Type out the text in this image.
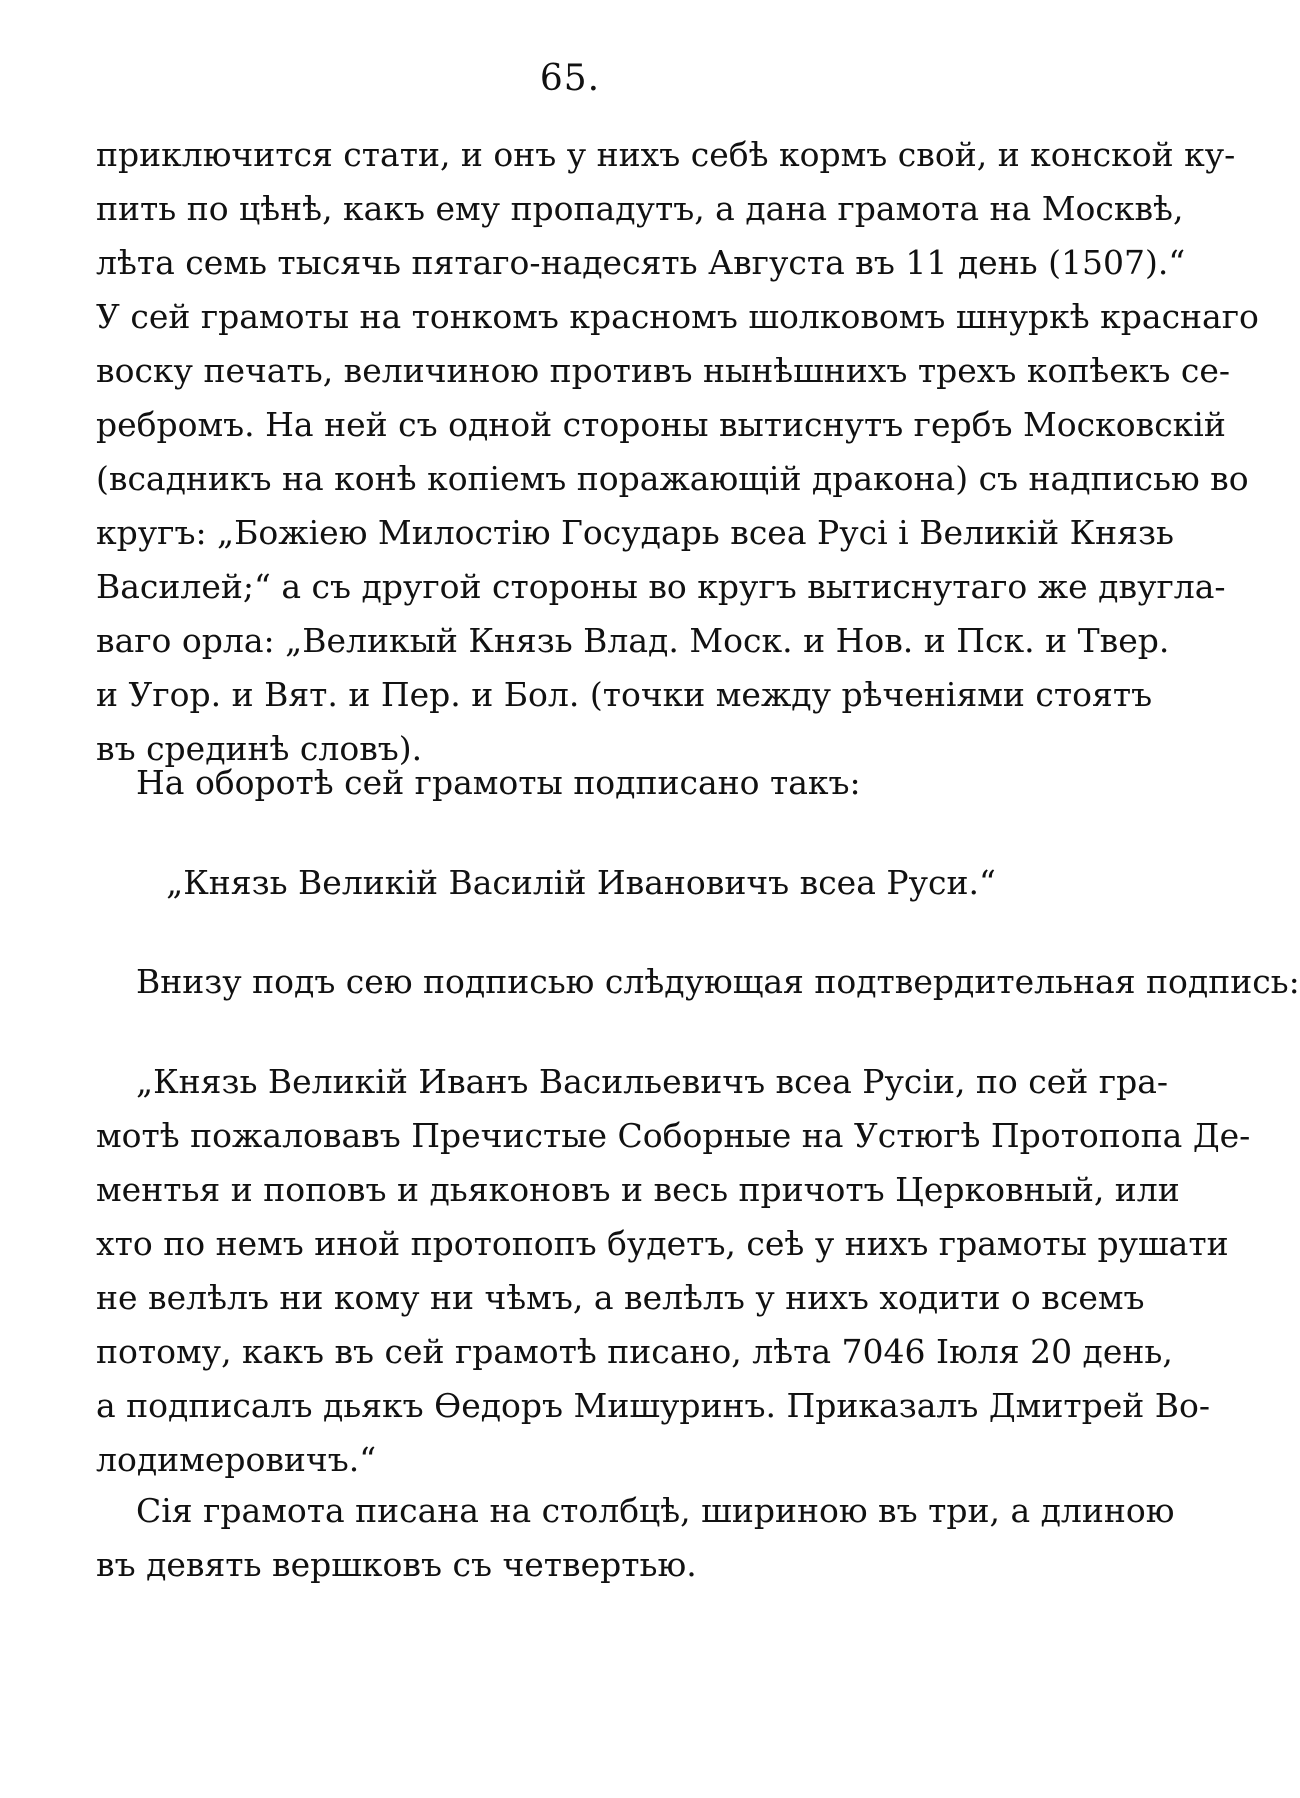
65.
приключится стати, и онъ у нихъ себѣ кормъ свой, и конской ку-
пить по цѣнѣ, какъ ему пропадутъ, а дана грамота на Москвѣ,
лѣта семь тысячь пятаго-надесять Августа въ 11 день (1507).“
У сей грамоты на тонкомъ красномъ шолковомъ шнуркѣ краснаго
воску печать, величиною противъ нынѣшнихъ трехъ копѣекъ се-
ребромъ. На ней съ одной стороны вытиснутъ гербъ Московскій
(всадникъ на конѣ копіемъ поражающій дракона) съ надписью во
кругъ: „Божіею Милостію Государь всеа Русі і Великій Князь
Василей;“ а съ другой стороны во кругъ вытиснутаго же двугла-
ваго орла: „Великый Князь Влад. Моск. и Нов. и Пск. и Твер.
и Угор. и Вят. и Пер. и Бол. (точки между рѣченіями стоятъ
въ срединѣ словъ).
На оборотѣ сей грамоты подписано такъ:
„Князь Великій Василій Ивановичъ всеа Руси.“
Внизу подъ сею подписью слѣдующая подтвердительная подпись:
„Князь Великій Иванъ Васильевичъ всеа Русіи, по сей гра-
мотѣ пожаловавъ Пречистые Соборные на Устюгѣ Протопопа Де-
ментья и поповъ и дьяконовъ и весь причотъ Церковный, или
хто по немъ иной протопопъ будетъ, сеѣ у нихъ грамоты рушати
не велѣлъ ни кому ни чѣмъ, а велѣлъ у нихъ ходити о всемъ
потому, какъ въ сей грамотѣ писано, лѣта 7046 Іюля 20 день,
а подписалъ дьякъ Ѳедоръ Мишуринъ. Приказалъ Дмитрей Во-
лодимеровичъ.“
Сія грамота писана на столбцѣ, шириною въ три, а длиною
въ девять вершковъ съ четвертью.
